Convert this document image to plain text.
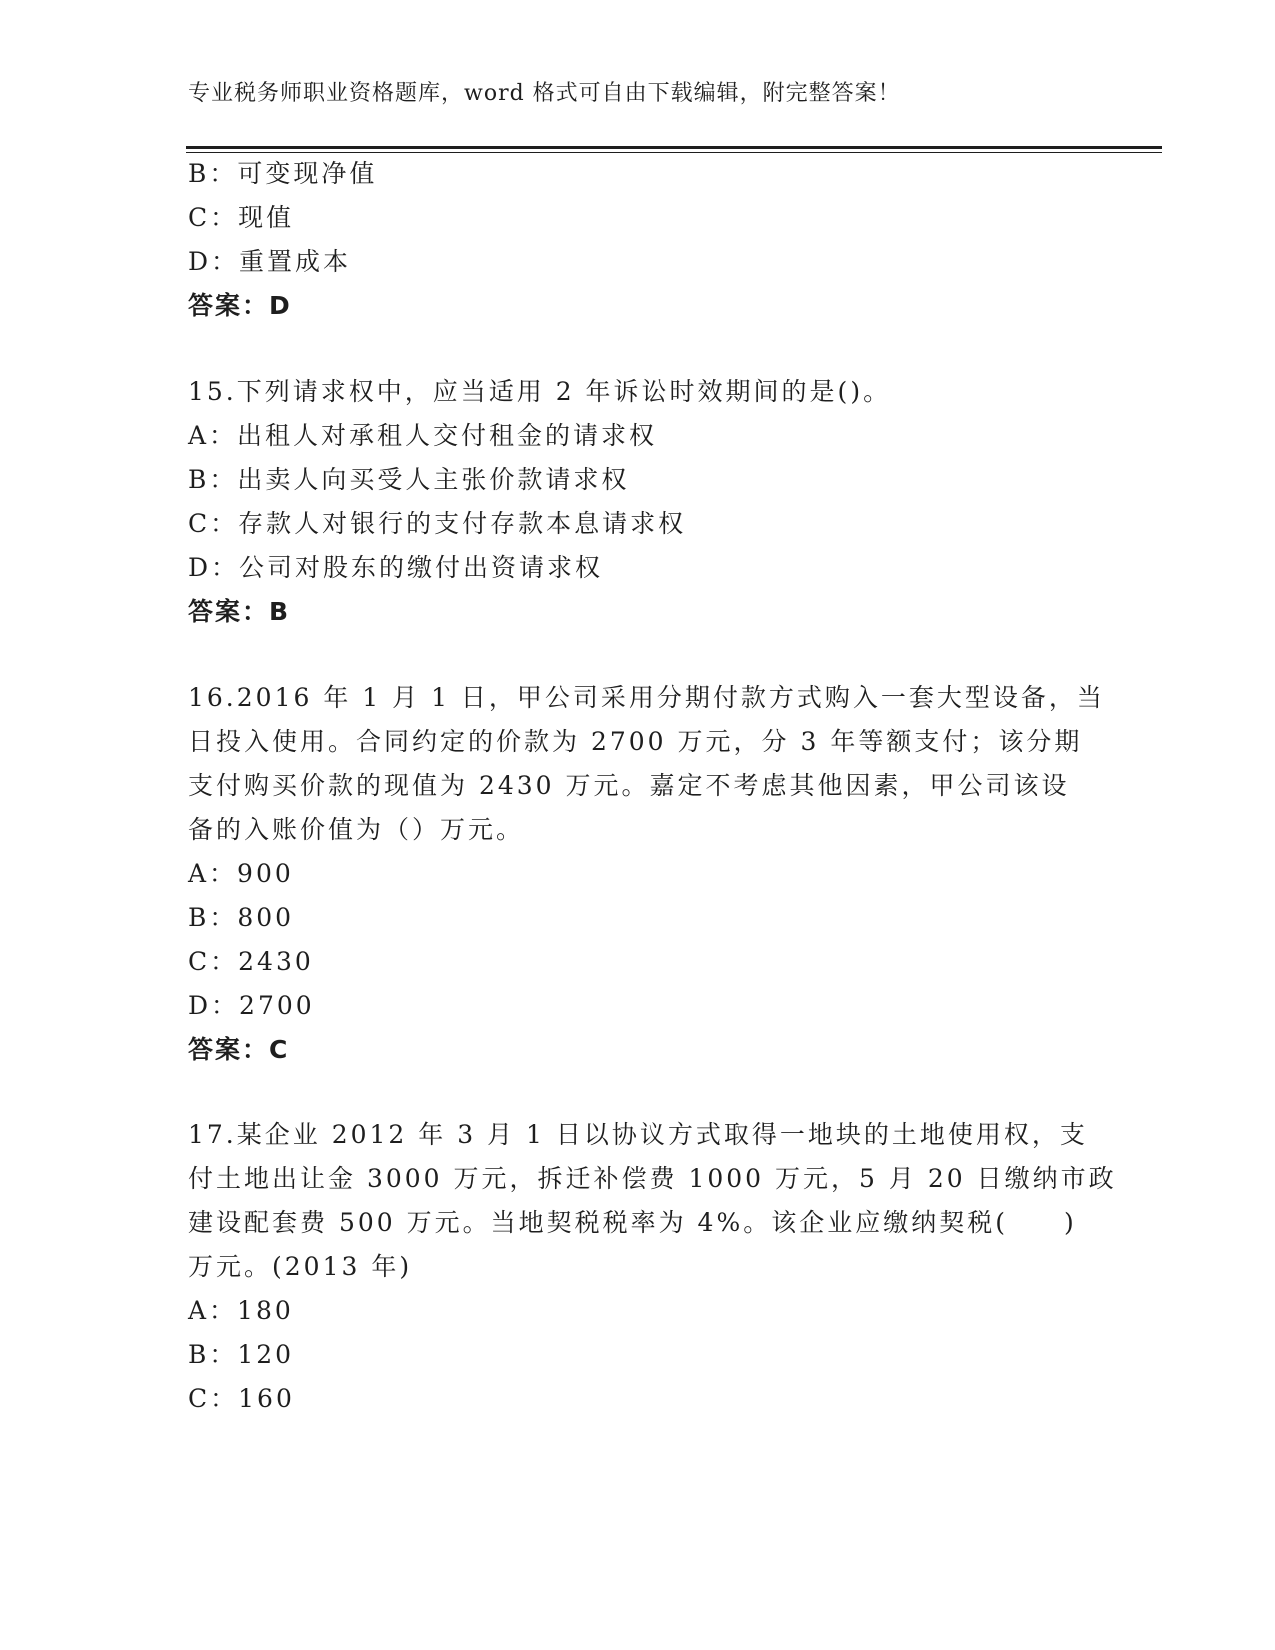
专业税务师职业资格题库，word 格式可自由下载编辑，附完整答案！
B：可变现净值
C：现值
D：重置成本
答案：D
15.下列请求权中，应当适用 2 年诉讼时效期间的是()。
A：出租人对承租人交付租金的请求权
B：出卖人向买受人主张价款请求权
C：存款人对银行的支付存款本息请求权
D：公司对股东的缴付出资请求权
答案：B
16.2016 年 1 月 1 日，甲公司采用分期付款方式购入一套大型设备，当
日投入使用。合同约定的价款为 2700 万元，分 3 年等额支付；该分期
支付购买价款的现值为 2430 万元。嘉定不考虑其他因素，甲公司该设
备的入账价值为（）万元。
A：900
B：800
C：2430
D：2700
答案：C
17.某企业 2012 年 3 月 1 日以协议方式取得一地块的土地使用权，支
付土地出让金 3000 万元，拆迁补偿费 1000 万元，5 月 20 日缴纳市政
建设配套费 500 万元。当地契税税率为 4%。该企业应缴纳契税(　　)
万元。(2013 年)
A：180
B：120
C：160
